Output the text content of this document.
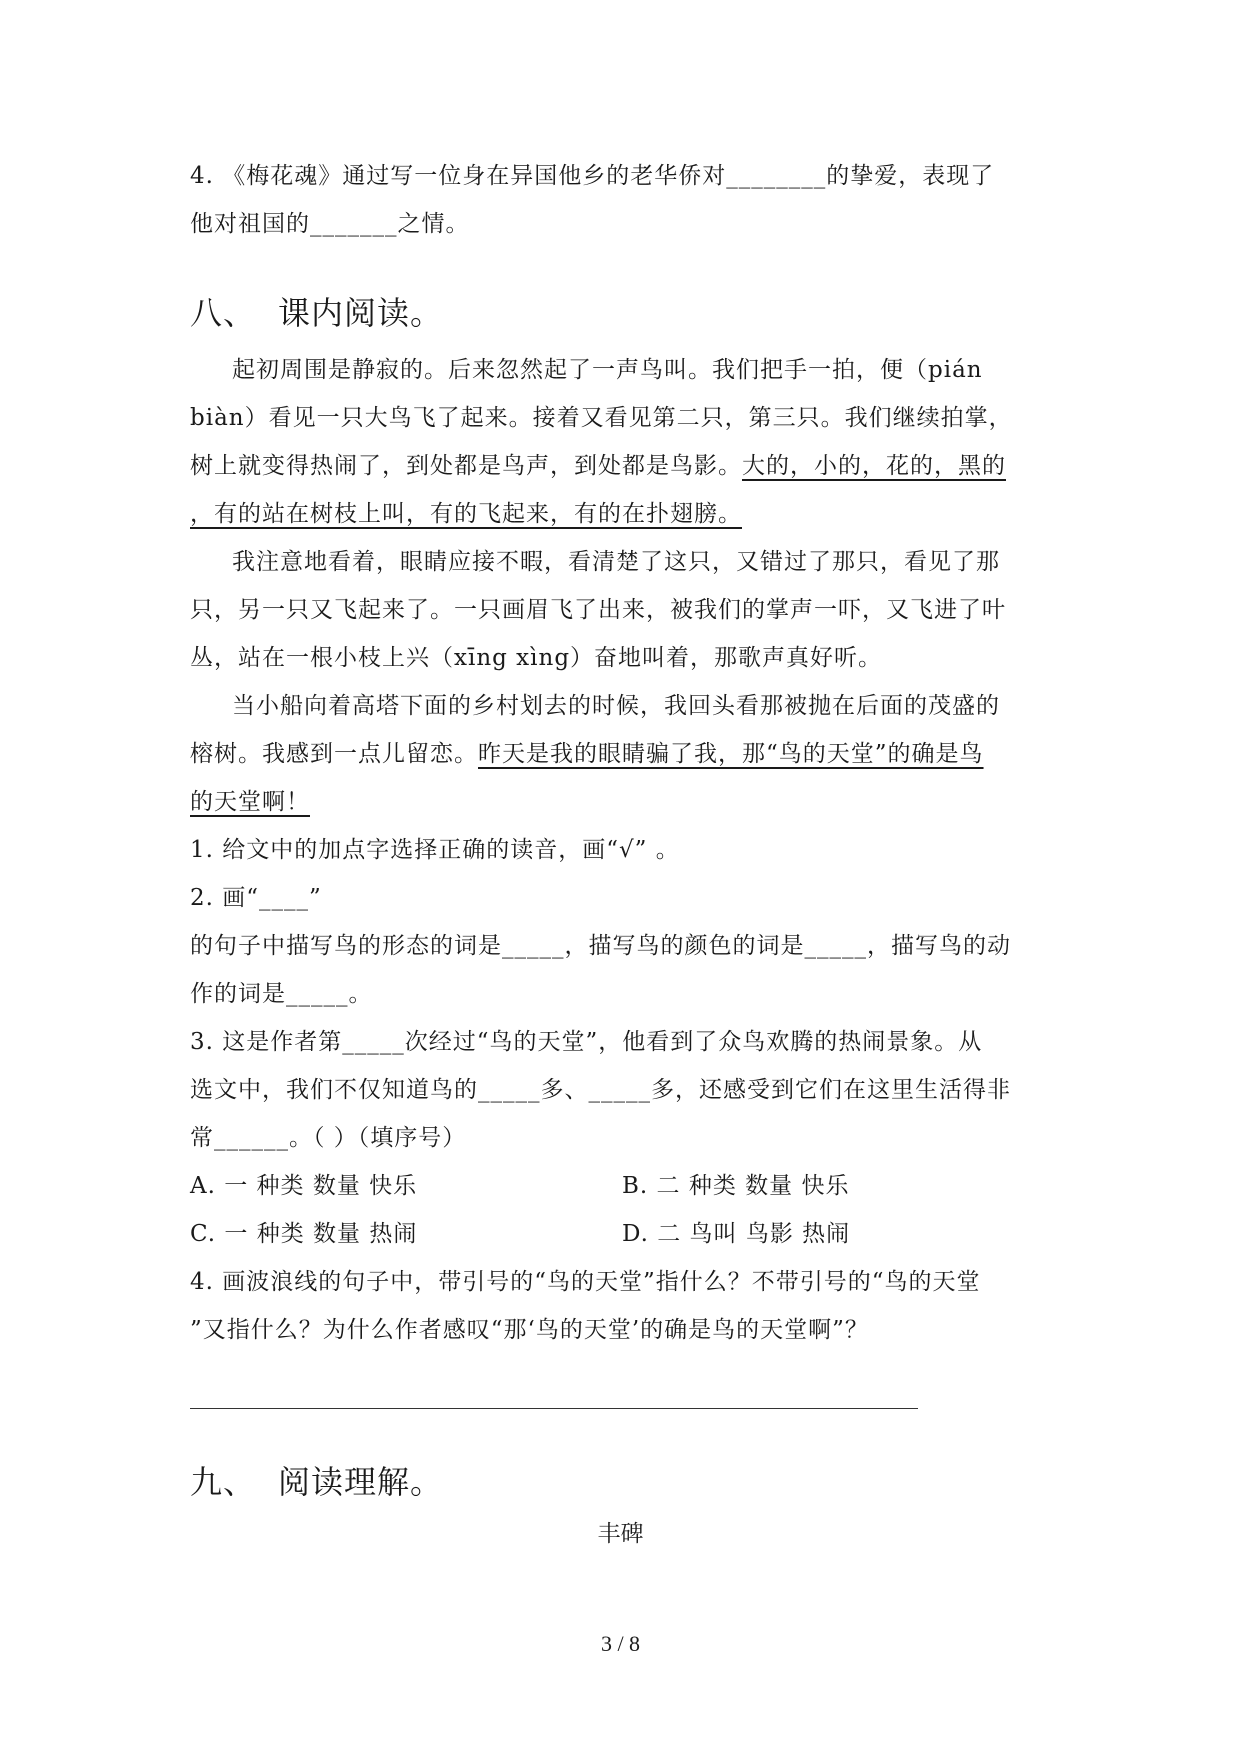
4. 《梅花魂》通过写一位身在异国他乡的老华侨对________的挚爱，表现了
他对祖国的_______之情。
八、 课内阅读。
起初周围是静寂的。后来忽然起了一声鸟叫。我们把手一拍，便（pián
biàn）看见一只大鸟飞了起来。接着又看见第二只，第三只。我们继续拍掌，
树上就变得热闹了，到处都是鸟声，到处都是鸟影。大的，小的，花的，黑的
，有的站在树枝上叫，有的飞起来，有的在扑翅膀。
我注意地看着，眼睛应接不暇，看清楚了这只，又错过了那只，看见了那
只，另一只又飞起来了。一只画眉飞了出来，被我们的掌声一吓，又飞进了叶
丛，站在一根小枝上兴（xīng xìng）奋地叫着，那歌声真好听。
当小船向着高塔下面的乡村划去的时候，我回头看那被抛在后面的茂盛的
榕树。我感到一点儿留恋。昨天是我的眼睛骗了我，那“鸟的天堂”的确是鸟
的天堂啊！
1. 给文中的加点字选择正确的读音，画“√” 。
2. 画“____”
的句子中描写鸟的形态的词是_____，描写鸟的颜色的词是_____，描写鸟的动
作的词是_____。
3. 这是作者第_____次经过“鸟的天堂”，他看到了众鸟欢腾的热闹景象。从
选文中，我们不仅知道鸟的_____多、_____多，还感受到它们在这里生活得非
常______。（ ）（填序号）
A. 一 种类 数量 快乐	B. 二 种类 数量 快乐
C. 一 种类 数量 热闹	D. 二 鸟叫 鸟影 热闹
4. 画波浪线的句子中，带引号的“鸟的天堂”指什么？不带引号的“鸟的天堂
”又指什么？为什么作者感叹“那‘鸟的天堂’的确是鸟的天堂啊”？
九、 阅读理解。
丰碑
3 / 8
